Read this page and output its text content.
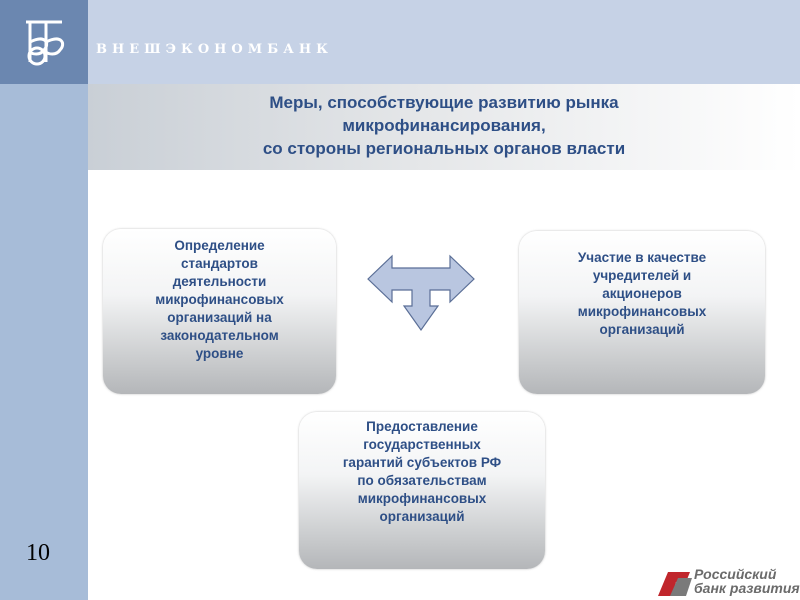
ВНЕШЭКОНОМБАНК
Меры, способствующие развитию рынка
микрофинансирования,
со стороны региональных органов власти
Определение
стандартов
деятельности
микрофинансовых
организаций на
законодательном
уровне
Участие в качестве
учредителей и
акционеров
микрофинансовых
организаций
Предоставление
государственных
гарантий субъектов РФ
по обязательствам
микрофинансовых
организаций
10
Российский
банк развития
